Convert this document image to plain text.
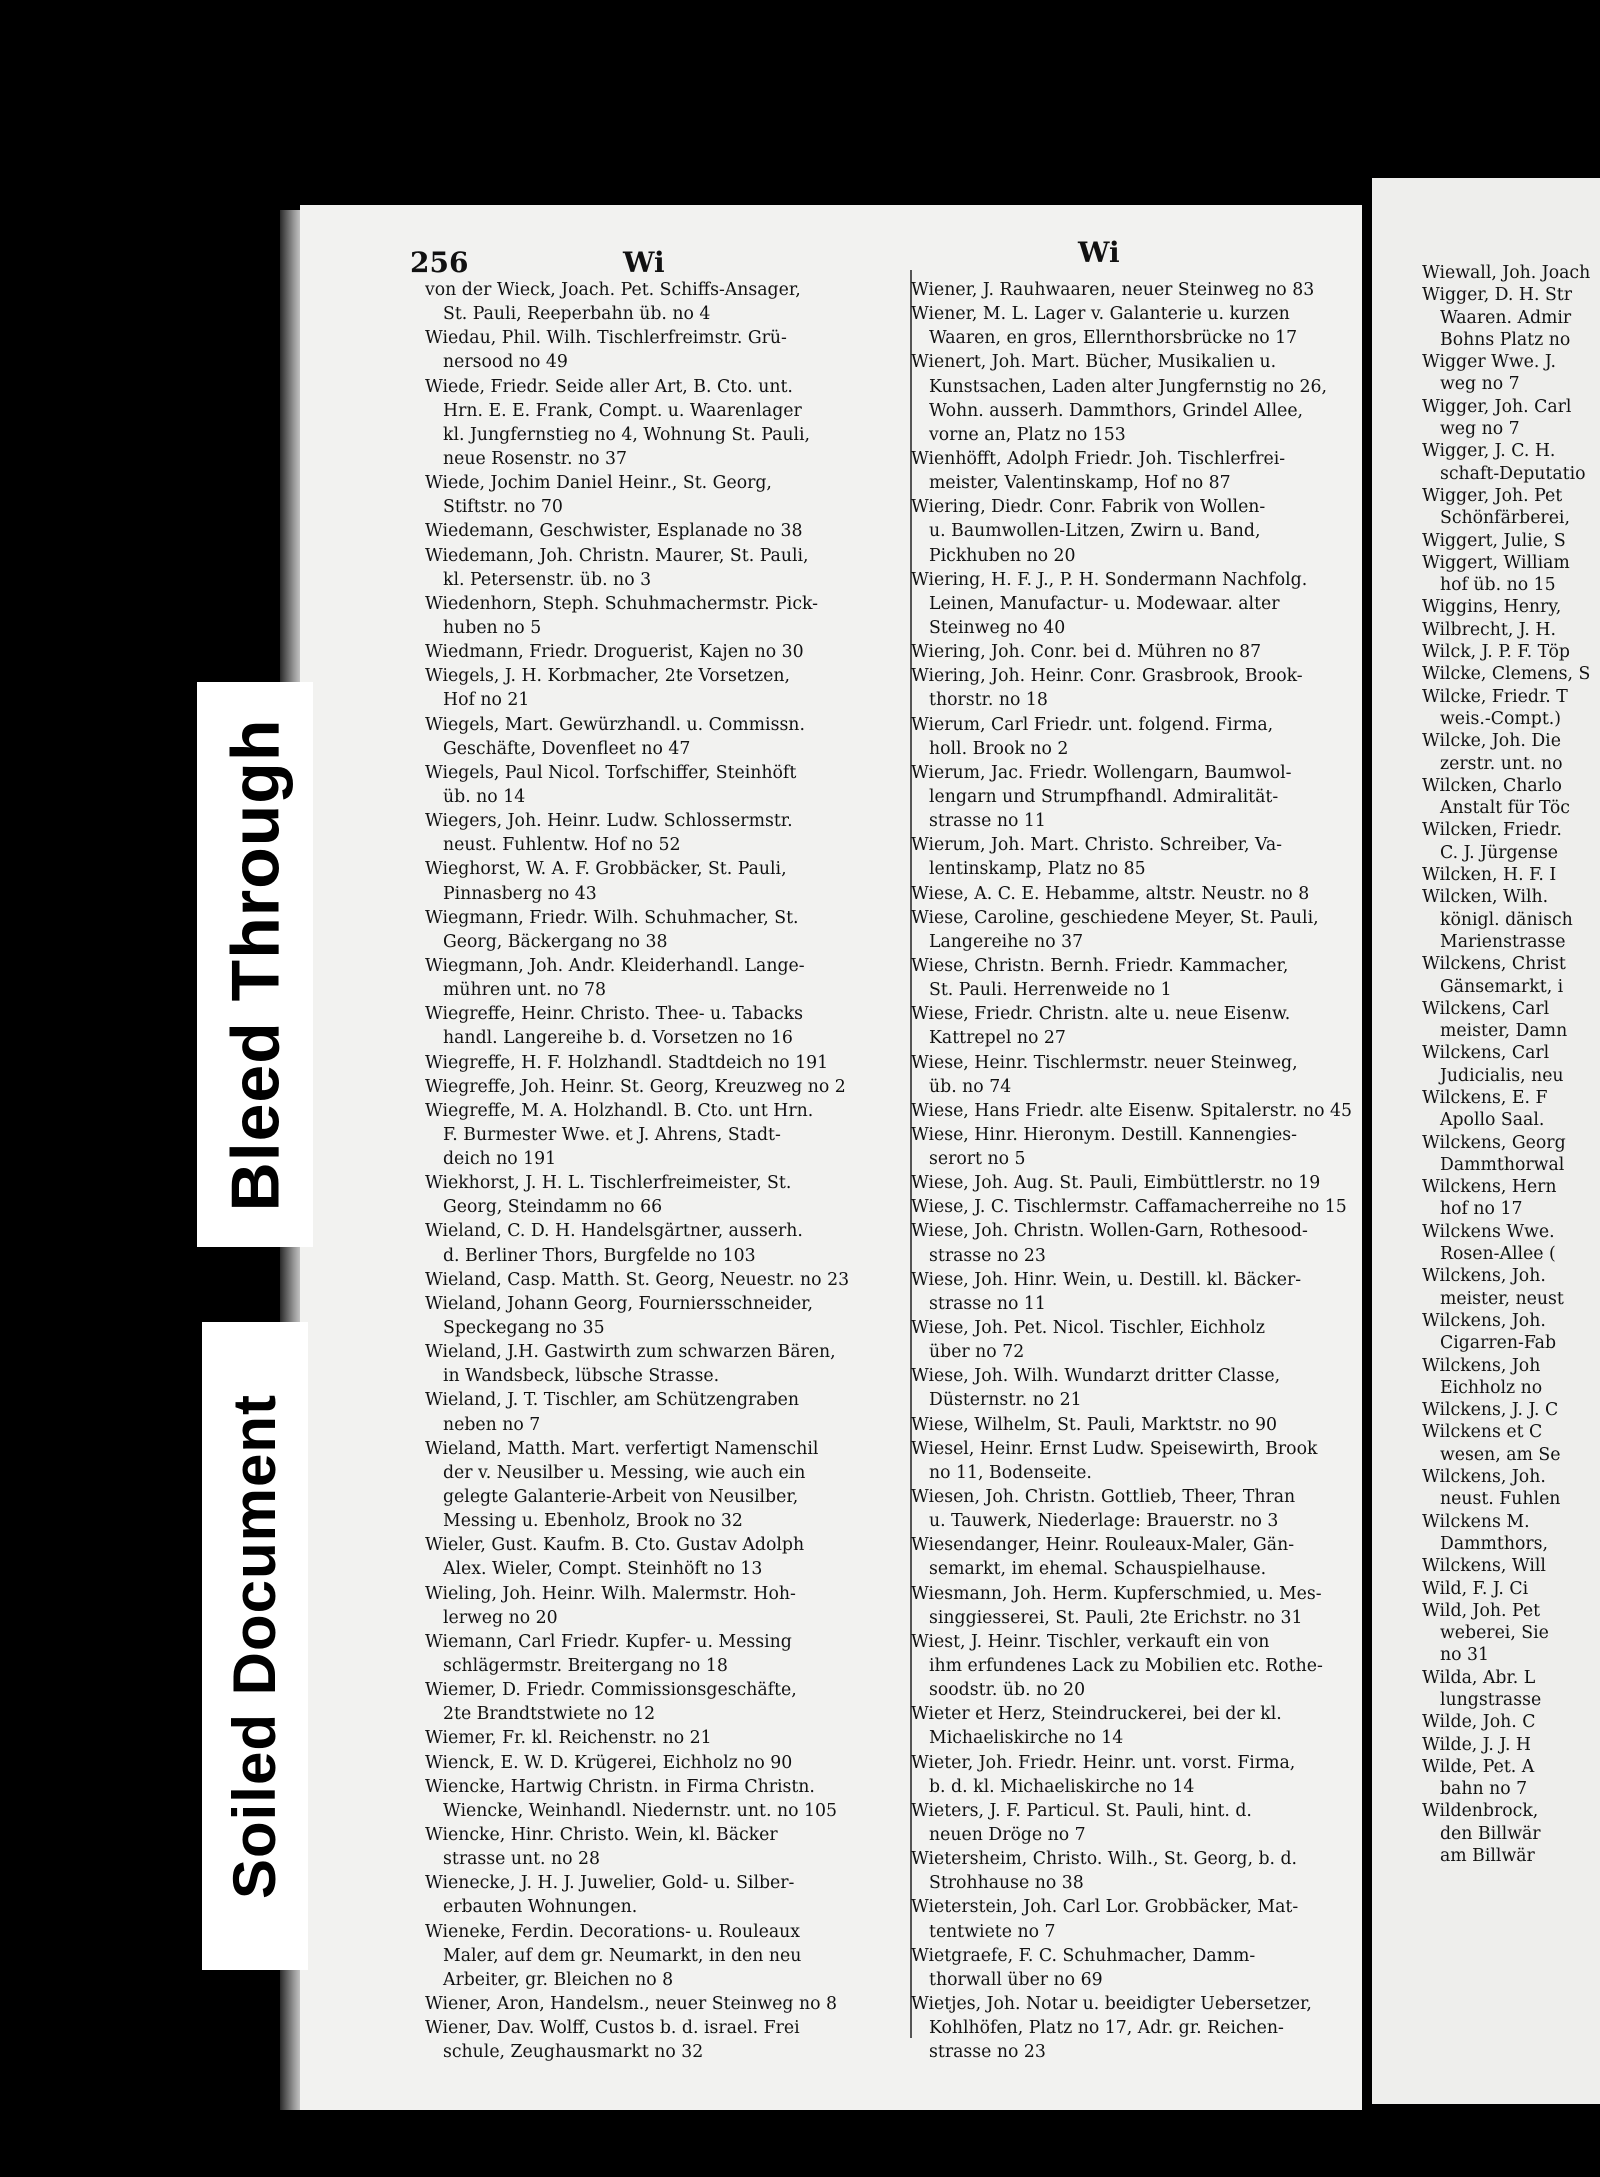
256	Wi	Wi
von der Wieck, Joach. Pet. Schiffs-Ansager,
St. Pauli, Reeperbahn üb. no 4
Wiedau, Phil. Wilh. Tischlerfreimstr. Grü-
nersood no 49
Wiede, Friedr. Seide aller Art, B. Cto. unt.
Hrn. E. E. Frank, Compt. u. Waarenlager
kl. Jungfernstieg no 4, Wohnung St. Pauli,
neue Rosenstr. no 37
Wiede, Jochim Daniel Heinr., St. Georg,
Stiftstr. no 70
Wiedemann, Geschwister, Esplanade no 38
Wiedemann, Joh. Christn. Maurer, St. Pauli,
kl. Petersenstr. üb. no 3
Wiedenhorn, Steph. Schuhmachermstr. Pick-
huben no 5
Wiedmann, Friedr. Droguerist, Kajen no 30
Wiegels, J. H. Korbmacher, 2te Vorsetzen,
Hof no 21
Wiegels, Mart. Gewürzhandl. u. Commissn.
Geschäfte, Dovenfleet no 47
Wiegels, Paul Nicol. Torfschiffer, Steinhöft
üb. no 14
Wiegers, Joh. Heinr. Ludw. Schlossermstr.
neust. Fuhlentw. Hof no 52
Wieghorst, W. A. F. Grobbäcker, St. Pauli,
Pinnasberg no 43
Wiegmann, Friedr. Wilh. Schuhmacher, St.
Georg, Bäckergang no 38
Wiegmann, Joh. Andr. Kleiderhandl. Lange-
mühren unt. no 78
Wiegreffe, Heinr. Christo. Thee- u. Tabacks
handl. Langereihe b. d. Vorsetzen no 16
Wiegreffe, H. F. Holzhandl. Stadtdeich no 191
Wiegreffe, Joh. Heinr. St. Georg, Kreuzweg no 2
Wiegreffe, M. A. Holzhandl. B. Cto. unt Hrn.
F. Burmester Wwe. et J. Ahrens, Stadt-
deich no 191
Wiekhorst, J. H. L. Tischlerfreimeister, St.
Georg, Steindamm no 66
Wieland, C. D. H. Handelsgärtner, ausserh.
d. Berliner Thors, Burgfelde no 103
Wieland, Casp. Matth. St. Georg, Neuestr. no 23
Wieland, Johann Georg, Fourniersschneider,
Speckegang no 35
Wieland, J.H. Gastwirth zum schwarzen Bären,
in Wandsbeck, lübsche Strasse.
Wieland, J. T. Tischler, am Schützengraben
neben no 7
Wieland, Matth. Mart. verfertigt Namenschil
der v. Neusilber u. Messing, wie auch ein
gelegte Galanterie-Arbeit von Neusilber,
Messing u. Ebenholz, Brook no 32
Wieler, Gust. Kaufm. B. Cto. Gustav Adolph
Alex. Wieler, Compt. Steinhöft no 13
Wieling, Joh. Heinr. Wilh. Malermstr. Hoh-
lerweg no 20
Wiemann, Carl Friedr. Kupfer- u. Messing
schlägermstr. Breitergang no 18
Wiemer, D. Friedr. Commissionsgeschäfte,
2te Brandtstwiete no 12
Wiemer, Fr. kl. Reichenstr. no 21
Wienck, E. W. D. Krügerei, Eichholz no 90
Wiencke, Hartwig Christn. in Firma Christn.
Wiencke, Weinhandl. Niedernstr. unt. no 105
Wiencke, Hinr. Christo. Wein, kl. Bäcker
strasse unt. no 28
Wienecke, J. H. J. Juwelier, Gold- u. Silber-
erbauten Wohnungen.
Wieneke, Ferdin. Decorations- u. Rouleaux
Maler, auf dem gr. Neumarkt, in den neu
Arbeiter, gr. Bleichen no 8
Wiener, Aron, Handelsm., neuer Steinweg no 8
Wiener, Dav. Wolff, Custos b. d. israel. Frei
schule, Zeughausmarkt no 32
Wiener, J. Rauhwaaren, neuer Steinweg no 83
Wiener, M. L. Lager v. Galanterie u. kurzen
Waaren, en gros, Ellernthorsbrücke no 17
Wienert, Joh. Mart. Bücher, Musikalien u.
Kunstsachen, Laden alter Jungfernstig no 26,
Wohn. ausserh. Dammthors, Grindel Allee,
vorne an, Platz no 153
Wienhöfft, Adolph Friedr. Joh. Tischlerfrei-
meister, Valentinskamp, Hof no 87
Wiering, Diedr. Conr. Fabrik von Wollen-
u. Baumwollen-Litzen, Zwirn u. Band,
Pickhuben no 20
Wiering, H. F. J., P. H. Sondermann Nachfolg.
Leinen, Manufactur- u. Modewaar. alter
Steinweg no 40
Wiering, Joh. Conr. bei d. Mühren no 87
Wiering, Joh. Heinr. Conr. Grasbrook, Brook-
thorstr. no 18
Wierum, Carl Friedr. unt. folgend. Firma,
holl. Brook no 2
Wierum, Jac. Friedr. Wollengarn, Baumwol-
lengarn und Strumpfhandl. Admiralität-
strasse no 11
Wierum, Joh. Mart. Christo. Schreiber, Va-
lentinskamp, Platz no 85
Wiese, A. C. E. Hebamme, altstr. Neustr. no 8
Wiese, Caroline, geschiedene Meyer, St. Pauli,
Langereihe no 37
Wiese, Christn. Bernh. Friedr. Kammacher,
St. Pauli. Herrenweide no 1
Wiese, Friedr. Christn. alte u. neue Eisenw.
Kattrepel no 27
Wiese, Heinr. Tischlermstr. neuer Steinweg,
üb. no 74
Wiese, Hans Friedr. alte Eisenw. Spitalerstr. no 45
Wiese, Hinr. Hieronym. Destill. Kannengies-
serort no 5
Wiese, Joh. Aug. St. Pauli, Eimbüttlerstr. no 19
Wiese, J. C. Tischlermstr. Caffamacherreihe no 15
Wiese, Joh. Christn. Wollen-Garn, Rothesood-
strasse no 23
Wiese, Joh. Hinr. Wein, u. Destill. kl. Bäcker-
strasse no 11
Wiese, Joh. Pet. Nicol. Tischler, Eichholz
über no 72
Wiese, Joh. Wilh. Wundarzt dritter Classe,
Düsternstr. no 21
Wiese, Wilhelm, St. Pauli, Marktstr. no 90
Wiesel, Heinr. Ernst Ludw. Speisewirth, Brook
no 11, Bodenseite.
Wiesen, Joh. Christn. Gottlieb, Theer, Thran
u. Tauwerk, Niederlage: Brauerstr. no 3
Wiesendanger, Heinr. Rouleaux-Maler, Gän-
semarkt, im ehemal. Schauspielhause.
Wiesmann, Joh. Herm. Kupferschmied, u. Mes-
singgiesserei, St. Pauli, 2te Erichstr. no 31
Wiest, J. Heinr. Tischler, verkauft ein von
ihm erfundenes Lack zu Mobilien etc. Rothe-
soodstr. üb. no 20
Wieter et Herz, Steindruckerei, bei der kl.
Michaeliskirche no 14
Wieter, Joh. Friedr. Heinr. unt. vorst. Firma,
b. d. kl. Michaeliskirche no 14
Wieters, J. F. Particul. St. Pauli, hint. d.
neuen Dröge no 7
Wietersheim, Christo. Wilh., St. Georg, b. d.
Strohhause no 38
Wieterstein, Joh. Carl Lor. Grobbäcker, Mat-
tentwiete no 7
Wietgraefe, F. C. Schuhmacher, Damm-
thorwall über no 69
Wietjes, Joh. Notar u. beeidigter Uebersetzer,
Kohlhöfen, Platz no 17, Adr. gr. Reichen-
strasse no 23
Wiewall, Joh. Joach
Wigger, D. H. Str
Waaren. Admir
Bohns Platz no
Wigger Wwe. J.
weg no 7
Wigger, Joh. Carl
weg no 7
Wigger, J. C. H.
schaft-Deputatio
Wigger, Joh. Pet
Schönfärberei,
Wiggert, Julie, S
Wiggert, William
hof üb. no 15
Wiggins, Henry,
Wilbrecht, J. H.
Wilck, J. P. F. Töp
Wilcke, Clemens, S
Wilcke, Friedr. T
weis.-Compt.)
Wilcke, Joh. Die
zerstr. unt. no
Wilcken, Charlo
Anstalt für Töc
Wilcken, Friedr.
C. J. Jürgense
Wilcken, H. F. I
Wilcken, Wilh.
königl. dänisch
Marienstrasse
Wilckens, Christ
Gänsemarkt, i
Wilckens, Carl
meister, Damn
Wilckens, Carl
Judicialis, neu
Wilckens, E. F
Apollo Saal.
Wilckens, Georg
Dammthorwal
Wilckens, Hern
hof no 17
Wilckens Wwe.
Rosen-Allee (
Wilckens, Joh.
meister, neust
Wilckens, Joh.
Cigarren-Fab
Wilckens, Joh
Eichholz no
Wilckens, J. J. C
Wilckens et C
wesen, am Se
Wilckens, Joh.
neust. Fuhlen
Wilckens M.
Dammthors,
Wilckens, Will
Wild, F. J. Ci
Wild, Joh. Pet
weberei, Sie
no 31
Wilda, Abr. L
lungstrasse
Wilde, Joh. C
Wilde, J. J. H
Wilde, Pet. A
bahn no 7
Wildenbrock,
den Billwär
am Billwär
Bleed Through
Soiled Document
